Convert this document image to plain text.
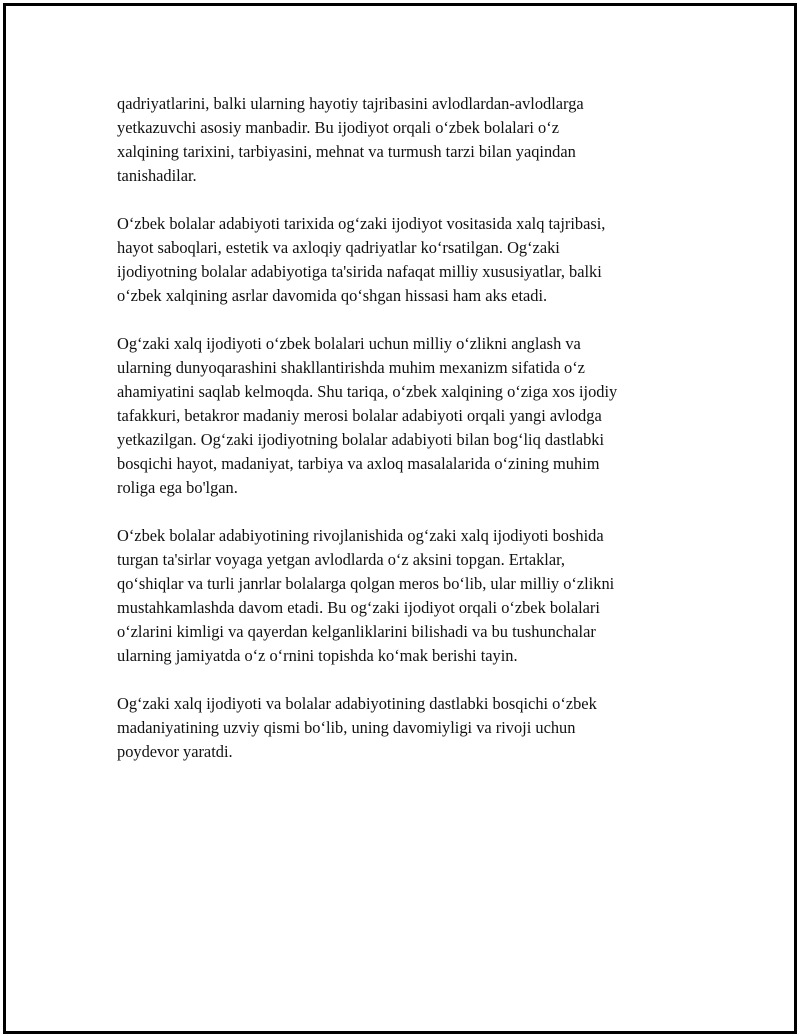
qadriyatlarini, balki ularning hayotiy tajribasini avlodlardan-avlodlarga
yetkazuvchi asosiy manbadir. Bu ijodiyot orqali o‘zbek bolalari o‘z
xalqining tarixini, tarbiyasini, mehnat va turmush tarzi bilan yaqindan
tanishadilar.

O‘zbek bolalar adabiyoti tarixida og‘zaki ijodiyot vositasida xalq tajribasi,
hayot saboqlari, estetik va axloqiy qadriyatlar ko‘rsatilgan. Og‘zaki
ijodiyotning bolalar adabiyotiga ta'sirida nafaqat milliy xususiyatlar, balki
o‘zbek xalqining asrlar davomida qo‘shgan hissasi ham aks etadi.

Og‘zaki xalq ijodiyoti o‘zbek bolalari uchun milliy o‘zlikni anglash va
ularning dunyoqarashini shakllantirishda muhim mexanizm sifatida o‘z
ahamiyatini saqlab kelmoqda. Shu tariqa, o‘zbek xalqining o‘ziga xos ijodiy
tafakkuri, betakror madaniy merosi bolalar adabiyoti orqali yangi avlodga
yetkazilgan. Og‘zaki ijodiyotning bolalar adabiyoti bilan bog‘liq dastlabki
bosqichi hayot, madaniyat, tarbiya va axloq masalalarida o‘zining muhim
roliga ega bo'lgan.

O‘zbek bolalar adabiyotining rivojlanishida og‘zaki xalq ijodiyoti boshida
turgan ta'sirlar voyaga yetgan avlodlarda o‘z aksini topgan. Ertaklar,
qo‘shiqlar va turli janrlar bolalarga qolgan meros bo‘lib, ular milliy o‘zlikni
mustahkamlashda davom etadi. Bu og‘zaki ijodiyot orqali o‘zbek bolalari
o‘zlarini kimligi va qayerdan kelganliklarini bilishadi va bu tushunchalar
ularning jamiyatda o‘z o‘rnini topishda ko‘mak berishi tayin.

Og‘zaki xalq ijodiyoti va bolalar adabiyotining dastlabki bosqichi o‘zbek
madaniyatining uzviy qismi bo‘lib, uning davomiyligi va rivoji uchun
poydevor yaratdi.
